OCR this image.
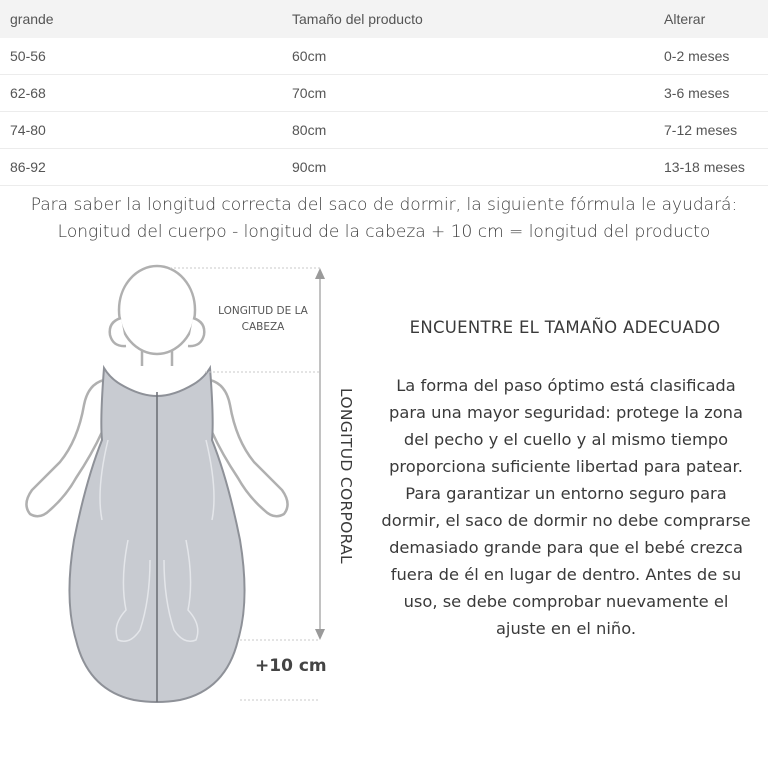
grande	Tamaño del producto	Alterar
50-56	60cm	0-2 meses
62-68	70cm	3-6 meses
74-80	80cm	7-12 meses
86-92	90cm	13-18 meses
Para saber la longitud correcta del saco de dormir, la siguiente fórmula le ayudará:
Longitud del cuerpo - longitud de la cabeza + 10 cm = longitud del producto
LONGITUD DE LA
CABEZA
LONGITUD CORPORAL
+10 cm
ENCUENTRE EL TAMAÑO ADECUADO
La forma del paso óptimo está clasificada
para una mayor seguridad: protege la zona
del pecho y el cuello y al mismo tiempo
proporciona suficiente libertad para patear.
Para garantizar un entorno seguro para
dormir, el saco de dormir no debe comprarse
demasiado grande para que el bebé crezca
fuera de él en lugar de dentro. Antes de su
uso, se debe comprobar nuevamente el
ajuste en el niño.
